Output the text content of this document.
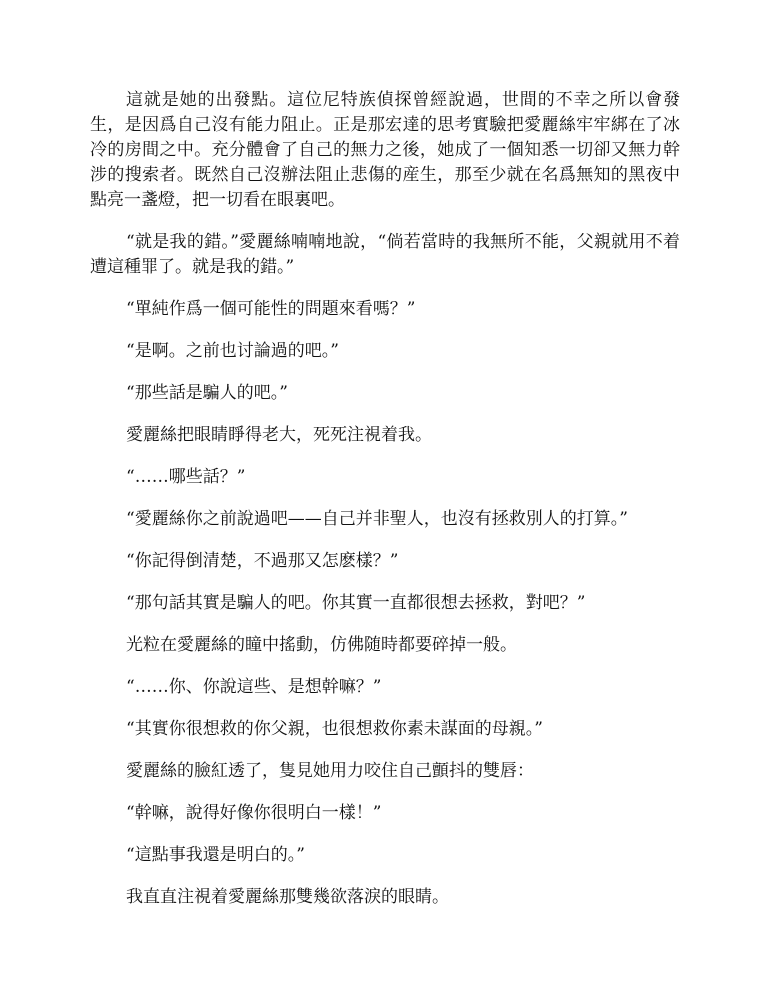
這就是她的出發點。這位尼特族偵探曾經說過，世間的不幸之所以會發生，是因爲自己沒有能力阻止。正是那宏達的思考實驗把愛麗絲牢牢綁在了冰冷的房間之中。充分體會了自己的無力之後，她成了一個知悉一切卻又無力幹涉的搜索者。既然自己沒辦法阻止悲傷的産生，那至少就在名爲無知的黑夜中點亮一盞燈，把一切看在眼裏吧。

“就是我的錯。”愛麗絲喃喃地說，“倘若當時的我無所不能，父親就用不着遭這種罪了。就是我的錯。”

“單純作爲一個可能性的問題來看嗎？”

“是啊。之前也讨論過的吧。”

“那些話是騙人的吧。”

愛麗絲把眼睛睜得老大，死死注視着我。

“……哪些話？”

“愛麗絲你之前說過吧——自己并非聖人，也沒有拯救別人的打算。”

“你記得倒清楚，不過那又怎麽樣？”

“那句話其實是騙人的吧。你其實一直都很想去拯救，對吧？”

光粒在愛麗絲的瞳中搖動，仿佛随時都要碎掉一般。

“……你、你說這些、是想幹嘛？”

“其實你很想救的你父親，也很想救你素未謀面的母親。”

愛麗絲的臉紅透了，隻見她用力咬住自己顫抖的雙唇：

“幹嘛，說得好像你很明白一樣！”

“這點事我還是明白的。”

我直直注視着愛麗絲那雙幾欲落淚的眼睛。
